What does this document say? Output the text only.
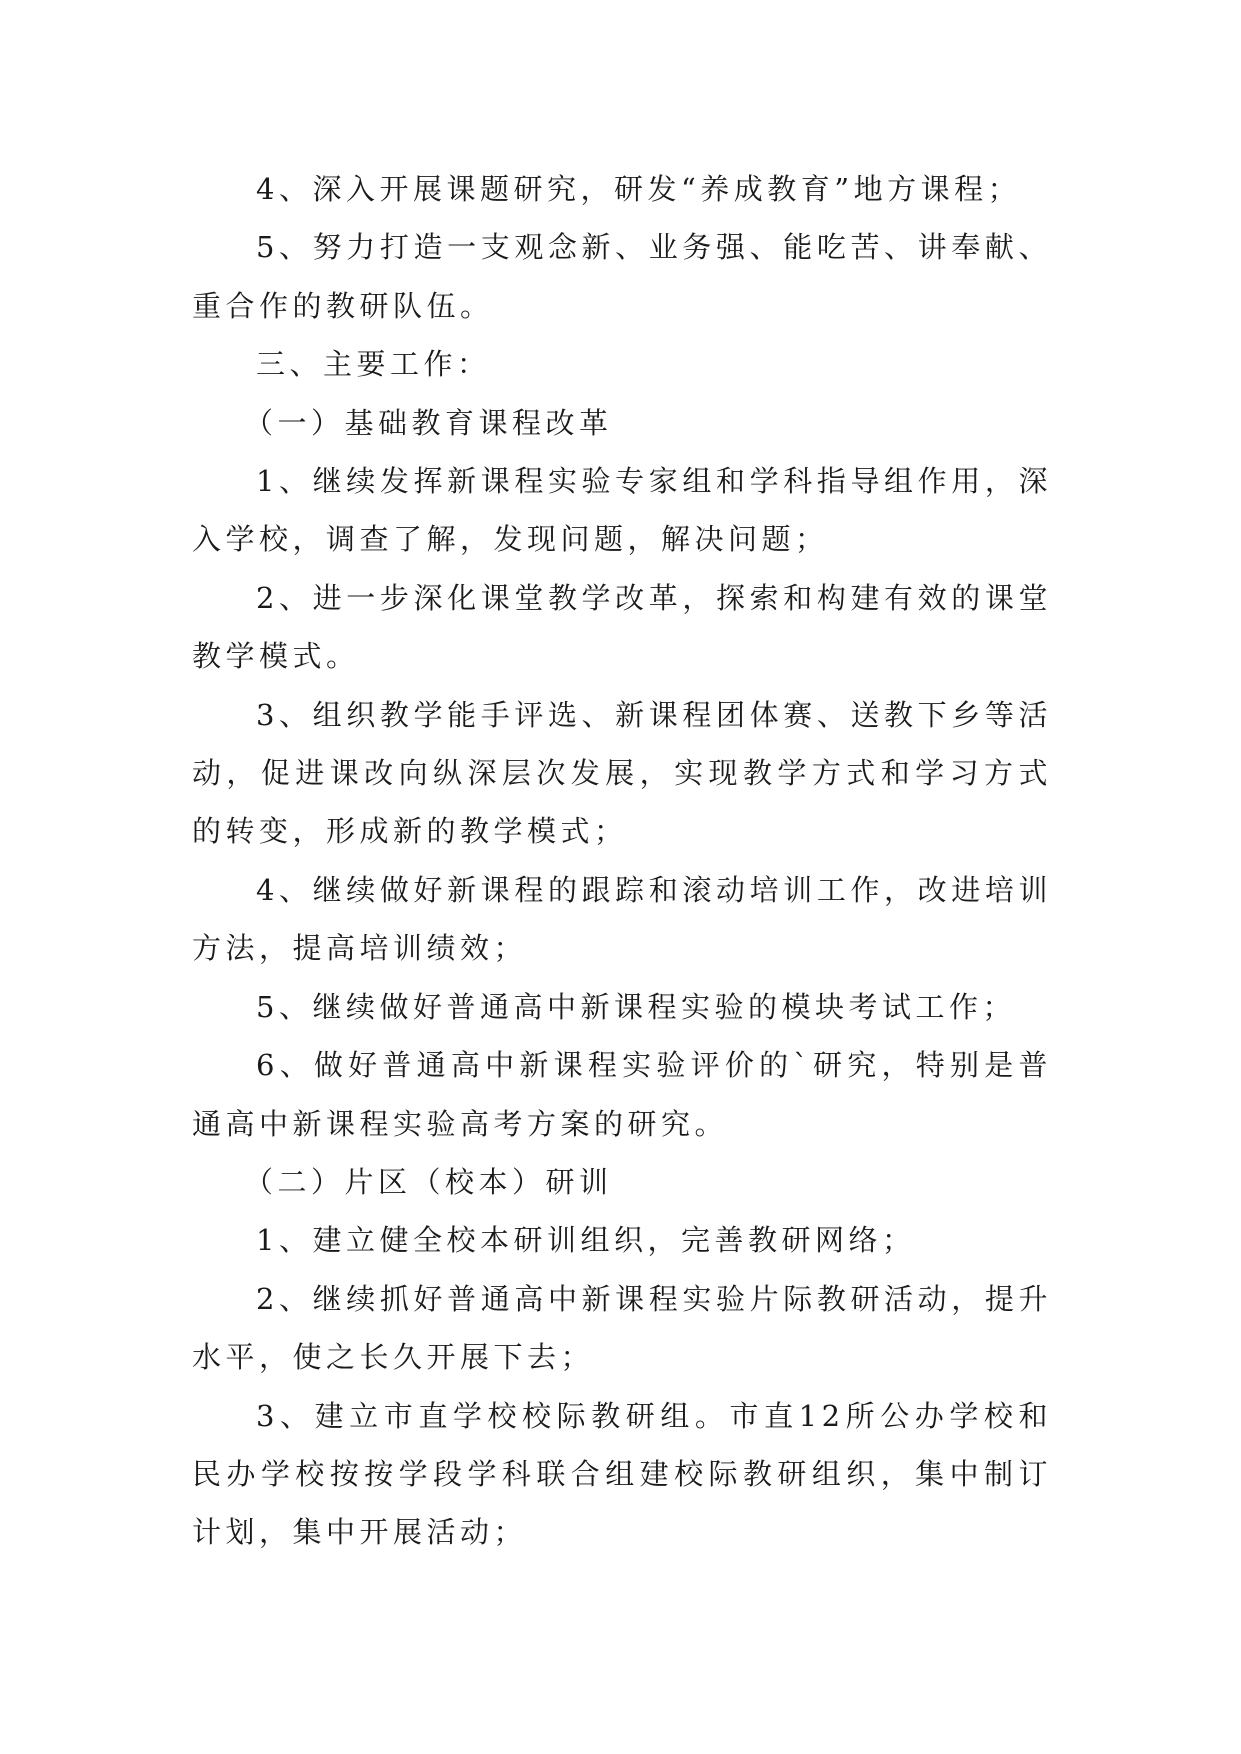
4、深入开展课题研究，研发“养成教育”地方课程；

5、努力打造一支观念新、业务强、能吃苦、讲奉献、重合作的教研队伍。

三、主要工作：

（一）基础教育课程改革

1、继续发挥新课程实验专家组和学科指导组作用，深入学校，调查了解，发现问题，解决问题；

2、进一步深化课堂教学改革，探索和构建有效的课堂教学模式。

3、组织教学能手评选、新课程团体赛、送教下乡等活动，促进课改向纵深层次发展，实现教学方式和学习方式的转变，形成新的教学模式；

4、继续做好新课程的跟踪和滚动培训工作，改进培训方法，提高培训绩效；

5、继续做好普通高中新课程实验的模块考试工作；

6、做好普通高中新课程实验评价的`研究，特别是普通高中新课程实验高考方案的研究。

（二）片区（校本）研训

1、建立健全校本研训组织，完善教研网络；

2、继续抓好普通高中新课程实验片际教研活动，提升水平，使之长久开展下去；

3、建立市直学校校际教研组。市直12所公办学校和民办学校按按学段学科联合组建校际教研组织，集中制订计划，集中开展活动；
